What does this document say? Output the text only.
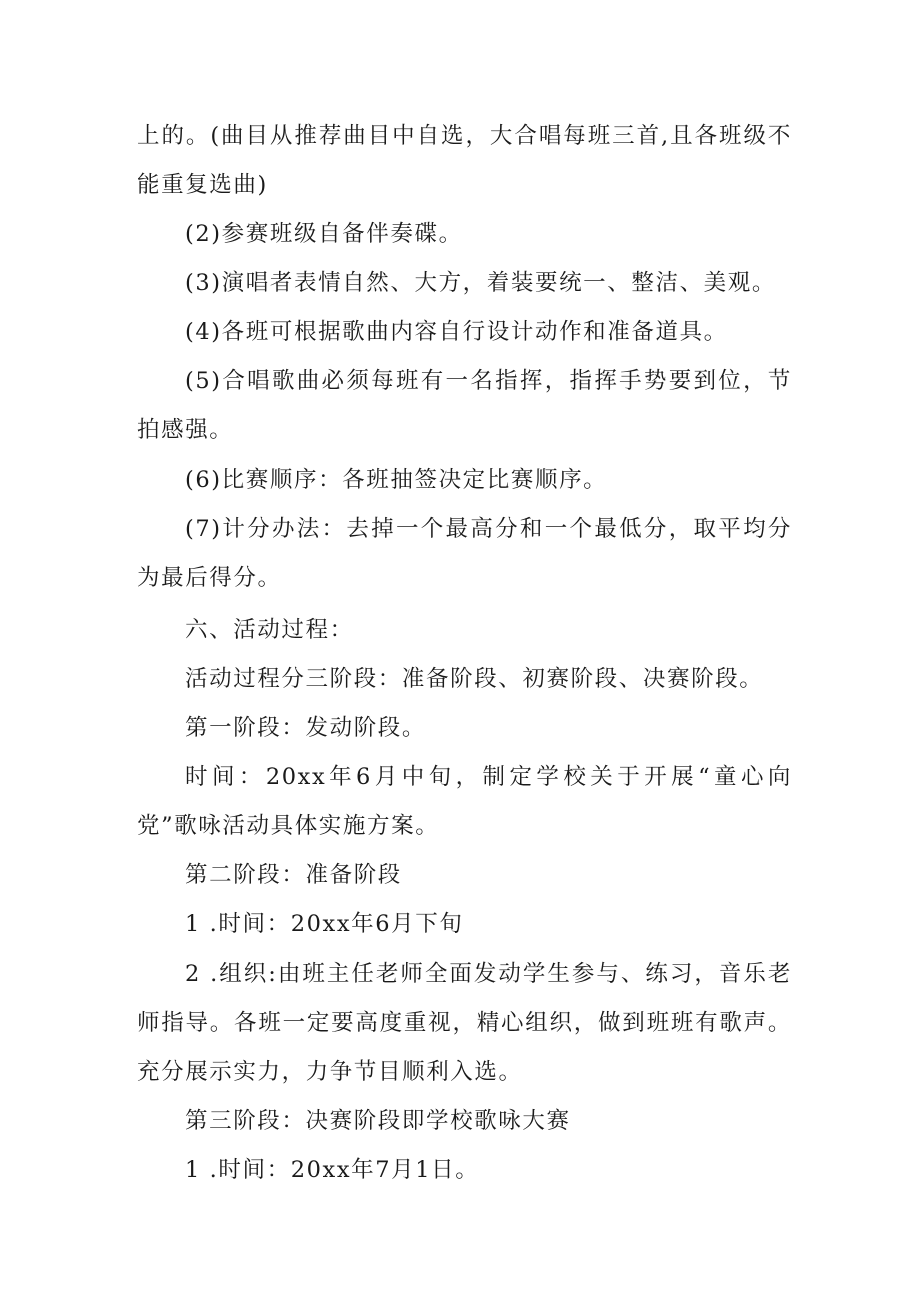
上的。(曲目从推荐曲目中自选，大合唱每班三首,且各班级不能重复选曲)

(2)参赛班级自备伴奏碟。

(3)演唱者表情自然、大方，着装要统一、整洁、美观。

(4)各班可根据歌曲内容自行设计动作和准备道具。

(5)合唱歌曲必须每班有一名指挥，指挥手势要到位，节拍感强。

(6)比赛顺序：各班抽签决定比赛顺序。

(7)计分办法：去掉一个最高分和一个最低分，取平均分为最后得分。

六、活动过程：

活动过程分三阶段：准备阶段、初赛阶段、决赛阶段。

第一阶段：发动阶段。

时间：20xx年6月中旬，制定学校关于开展“童心向党”歌咏活动具体实施方案。

第二阶段：准备阶段

1 .时间：20xx年6月下旬

2 .组织:由班主任老师全面发动学生参与、练习，音乐老师指导。各班一定要高度重视，精心组织，做到班班有歌声。充分展示实力，力争节目顺利入选。

第三阶段：决赛阶段即学校歌咏大赛

1 .时间：20xx年7月1日。
